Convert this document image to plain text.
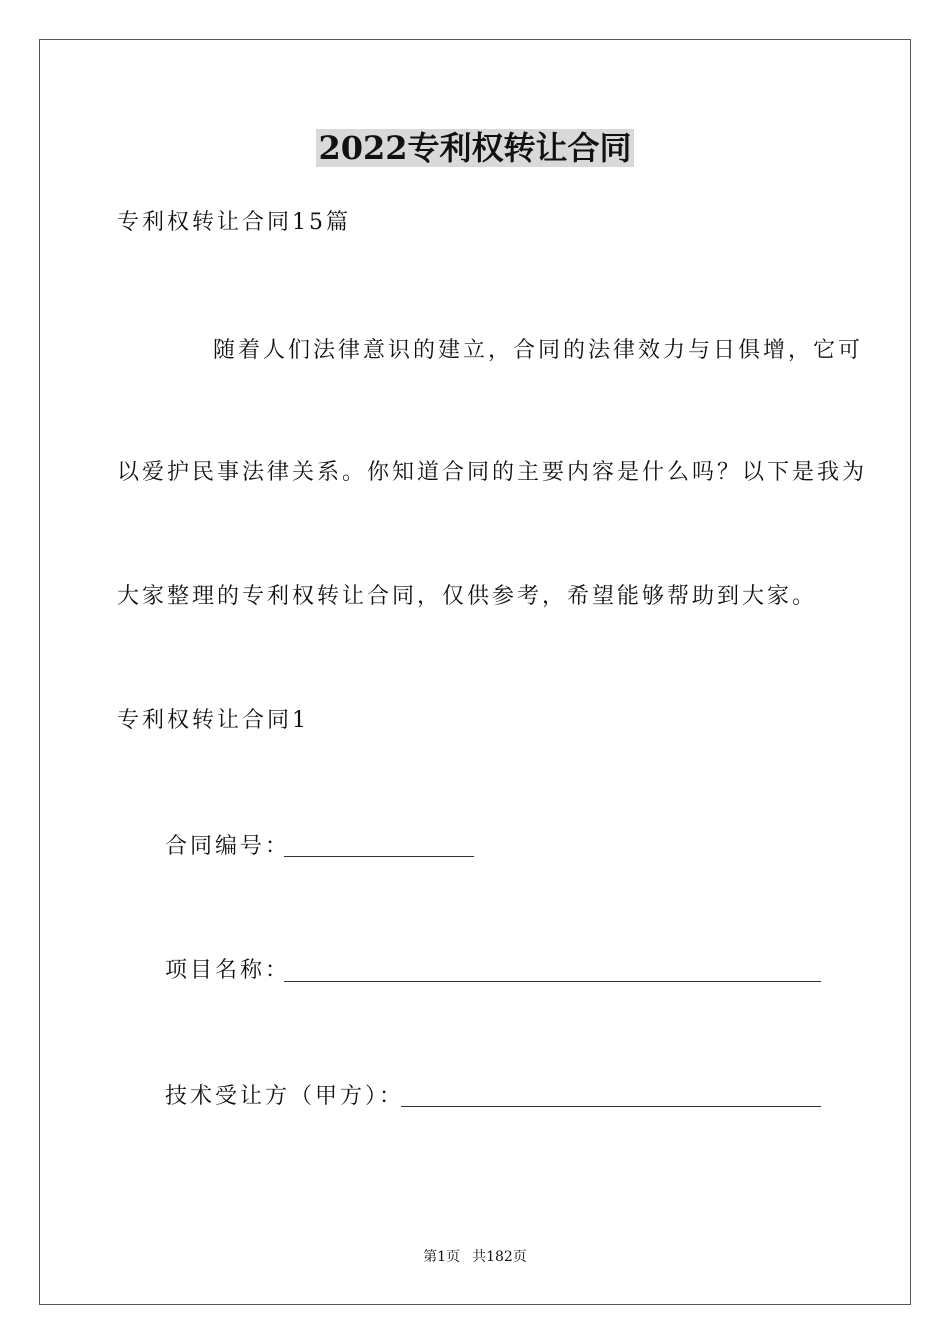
2022专利权转让合同
专利权转让合同15篇
随着人们法律意识的建立，合同的法律效力与日俱增，它可
以爱护民事法律关系。你知道合同的主要内容是什么吗？以下是我为
大家整理的专利权转让合同，仅供参考，希望能够帮助到大家。
专利权转让合同1
合同编号：
项目名称：
技术受让方（甲方）：
第1页 共182页
